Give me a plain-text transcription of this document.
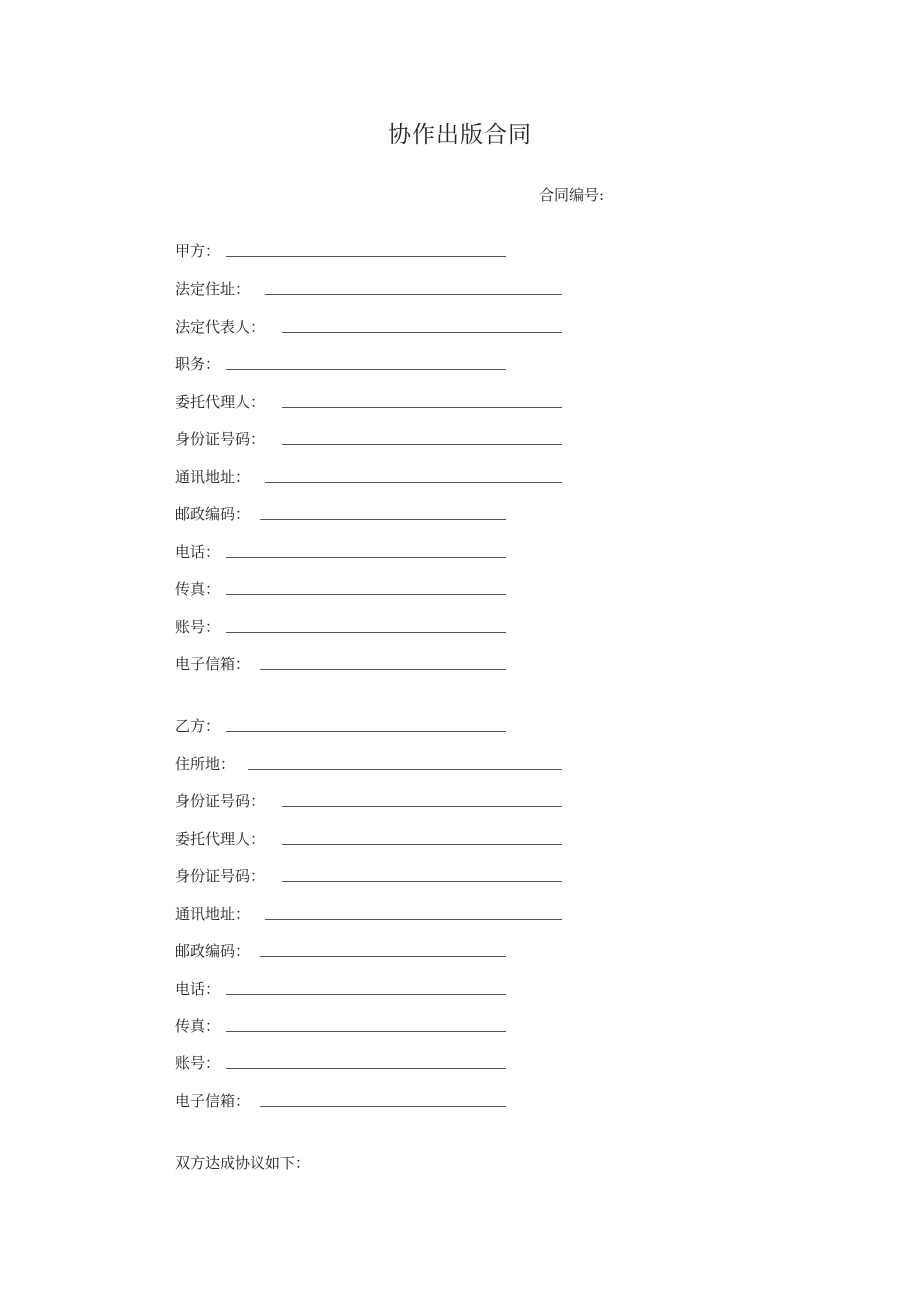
协作出版合同
合同编号:
甲方：
法定住址：
法定代表人：
职务：
委托代理人：
身份证号码：
通讯地址：
邮政编码：
电话：
传真：
账号：
电子信箱：
乙方：
住所地：
身份证号码：
委托代理人：
身份证号码：
通讯地址：
邮政编码：
电话：
传真：
账号：
电子信箱：
双方达成协议如下：
